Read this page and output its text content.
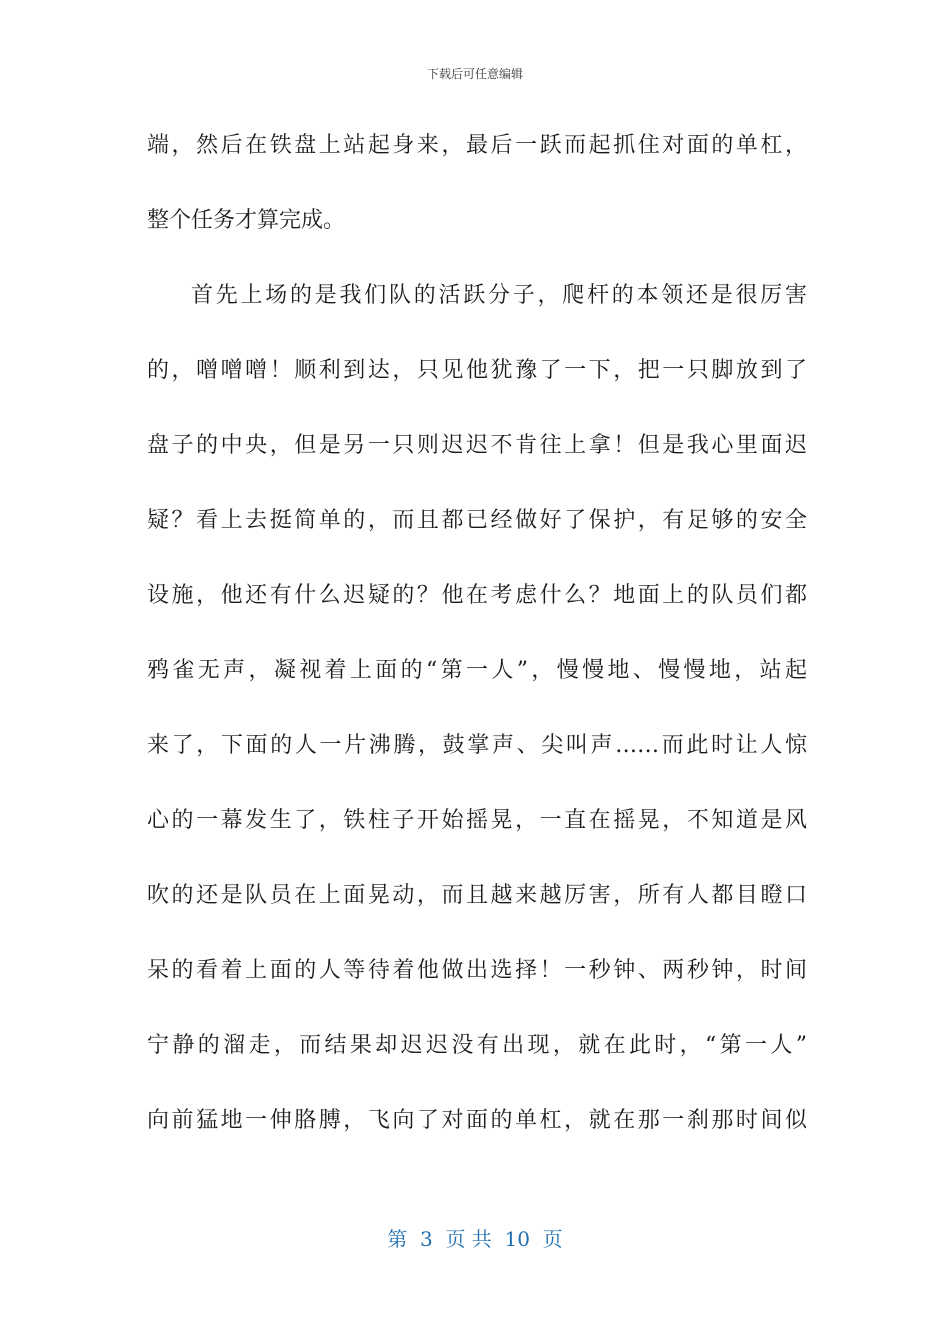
下载后可任意编辑
端，然后在铁盘上站起身来，最后一跃而起抓住对面的单杠，
整个任务才算完成。
首先上场的是我们队的活跃分子，爬杆的本领还是很厉害
的，噌噌噌！顺利到达，只见他犹豫了一下，把一只脚放到了
盘子的中央，但是另一只则迟迟不肯往上拿！但是我心里面迟
疑？看上去挺简单的，而且都已经做好了保护，有足够的安全
设施，他还有什么迟疑的？他在考虑什么？地面上的队员们都
鸦雀无声，凝视着上面的“第一人”，慢慢地、慢慢地，站起
来了，下面的人一片沸腾，鼓掌声、尖叫声……而此时让人惊
心的一幕发生了，铁柱子开始摇晃，一直在摇晃，不知道是风
吹的还是队员在上面晃动，而且越来越厉害，所有人都目瞪口
呆的看着上面的人等待着他做出选择！一秒钟、两秒钟，时间
宁静的溜走，而结果却迟迟没有出现，就在此时，“第一人”
向前猛地一伸胳膊，飞向了对面的单杠，就在那一刹那时间似
第  3  页 共  10  页
